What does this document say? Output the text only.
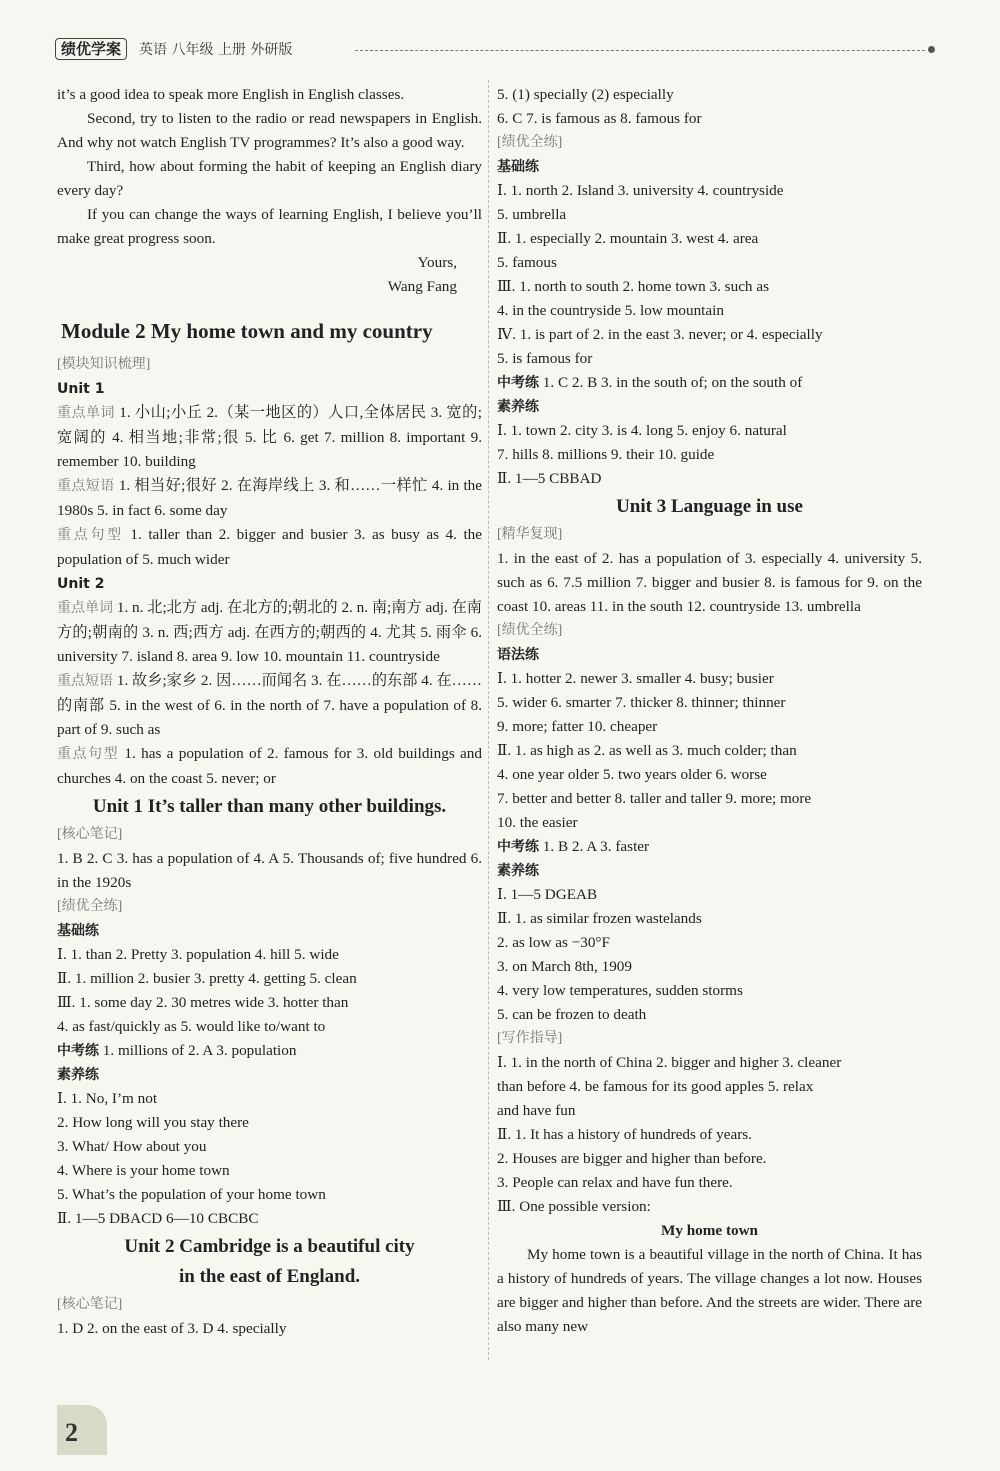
绩优学案 英语 八年级 上册 外研版

it’s a good idea to speak more English in English classes.

Second, try to listen to the radio or read newspapers in English. And why not watch English TV programmes? It’s also a good way.

Third, how about forming the habit of keeping an English diary every day?

If you can change the ways of learning English, I believe you’ll make great progress soon.

Yours,

Wang Fang

Module 2 My home town and my country
[模块知识梳理]
Unit 1

重点单词 1. 小山;小丘 2.（某一地区的）人口,全体居民 3. 宽的;宽阔的 4. 相当地;非常;很 5. 比 6. get 7. million 8. important 9. remember 10. building

重点短语 1. 相当好;很好 2. 在海岸线上 3. 和……一样忙 4. in the 1980s 5. in fact 6. some day

重点句型 1. taller than 2. bigger and busier 3. as busy as 4. the population of 5. much wider

Unit 2

重点单词 1. n. 北;北方 adj. 在北方的;朝北的 2. n. 南;南方 adj. 在南方的;朝南的 3. n. 西;西方 adj. 在西方的;朝西的 4. 尤其 5. 雨伞 6. university 7. island 8. area 9. low 10. mountain 11. countryside

重点短语 1. 故乡;家乡 2. 因……而闻名 3. 在……的东部 4. 在……的南部 5. in the west of 6. in the north of 7. have a population of 8. part of 9. such as

重点句型 1. has a population of 2. famous for 3. old buildings and churches 4. on the coast 5. never; or

Unit 1 It’s taller than many other buildings.
[核心笔记]

1. B 2. C 3. has a population of 4. A 5. Thousands of; five hundred 6. in the 1920s

[绩优全练]
基础练

Ⅰ. 1. than 2. Pretty 3. population 4. hill 5. wide

Ⅱ. 1. million 2. busier 3. pretty 4. getting 5. clean

Ⅲ. 1. some day 2. 30 metres wide 3. hotter than

4. as fast/quickly as 5. would like to/want to

中考练 1. millions of 2. A 3. population

素养练

Ⅰ. 1. No, I’m not

2. How long will you stay there

3. What/ How about you

4. Where is your home town

5. What’s the population of your home town

Ⅱ. 1—5 DBACD 6—10 CBCBC

Unit 2 Cambridge is a beautiful city
in the east of England.
[核心笔记]

1. D 2. on the east of 3. D 4. specially

5. (1) specially (2) especially

6. C 7. is famous as 8. famous for

[绩优全练]
基础练

Ⅰ. 1. north 2. Island 3. university 4. countryside

5. umbrella

Ⅱ. 1. especially 2. mountain 3. west 4. area

5. famous

Ⅲ. 1. north to south 2. home town 3. such as

4. in the countryside 5. low mountain

Ⅳ. 1. is part of 2. in the east 3. never; or 4. especially

5. is famous for

中考练 1. C 2. B 3. in the south of; on the south of

素养练

Ⅰ. 1. town 2. city 3. is 4. long 5. enjoy 6. natural

7. hills 8. millions 9. their 10. guide

Ⅱ. 1—5 CBBAD

Unit 3 Language in use
[精华复现]

1. in the east of 2. has a population of 3. especially 4. university 5. such as 6. 7.5 million 7. bigger and busier 8. is famous for 9. on the coast 10. areas 11. in the south 12. countryside 13. umbrella

[绩优全练]
语法练

Ⅰ. 1. hotter 2. newer 3. smaller 4. busy; busier

5. wider 6. smarter 7. thicker 8. thinner; thinner

9. more; fatter 10. cheaper

Ⅱ. 1. as high as 2. as well as 3. much colder; than

4. one year older 5. two years older 6. worse

7. better and better 8. taller and taller 9. more; more

10. the easier

中考练 1. B 2. A 3. faster

素养练

Ⅰ. 1—5 DGEAB

Ⅱ. 1. as similar frozen wastelands

2. as low as −30°F

3. on March 8th, 1909

4. very low temperatures, sudden storms

5. can be frozen to death

[写作指导]

Ⅰ. 1. in the north of China 2. bigger and higher 3. cleaner

than before 4. be famous for its good apples 5. relax

and have fun

Ⅱ. 1. It has a history of hundreds of years.

2. Houses are bigger and higher than before.

3. People can relax and have fun there.

Ⅲ. One possible version:

My home town

My home town is a beautiful village in the north of China. It has a history of hundreds of years. The village changes a lot now. Houses are bigger and higher than before. And the streets are wider. There are also many new

2
